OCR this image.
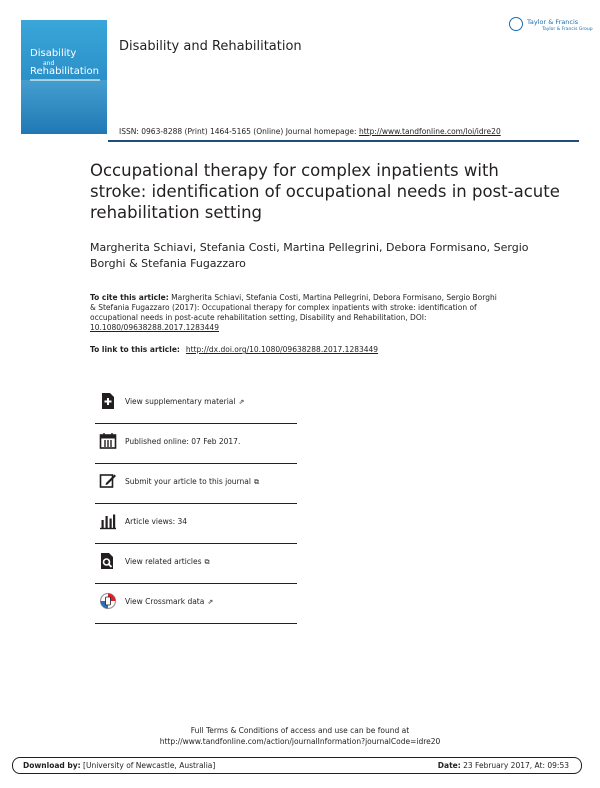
Disability
and
Rehabilitation
Disability and Rehabilitation
Taylor & Francis
Taylor & Francis Group
ISSN: 0963-8288 (Print) 1464-5165 (Online) Journal homepage: http://www.tandfonline.com/loi/idre20
Occupational therapy for complex inpatients with stroke: identification of occupational needs in post-acute rehabilitation setting
Margherita Schiavi, Stefania Costi, Martina Pellegrini, Debora Formisano, Sergio Borghi & Stefania Fugazzaro
To cite this article: Margherita Schiavi, Stefania Costi, Martina Pellegrini, Debora Formisano, Sergio Borghi & Stefania Fugazzaro (2017): Occupational therapy for complex inpatients with stroke: identification of occupational needs in post-acute rehabilitation setting, Disability and Rehabilitation, DOI: 10.1080/09638288.2017.1283449
To link to this article: http://dx.doi.org/10.1080/09638288.2017.1283449
View supplementary material ⇗
Published online: 07 Feb 2017.
Submit your article to this journal ⧉
Article views: 34
View related articles ⧉
View Crossmark data ⇗
Full Terms & Conditions of access and use can be found at
http://www.tandfonline.com/action/journalInformation?journalCode=idre20
Download by: [University of Newcastle, Australia]	Date: 23 February 2017, At: 09:53
